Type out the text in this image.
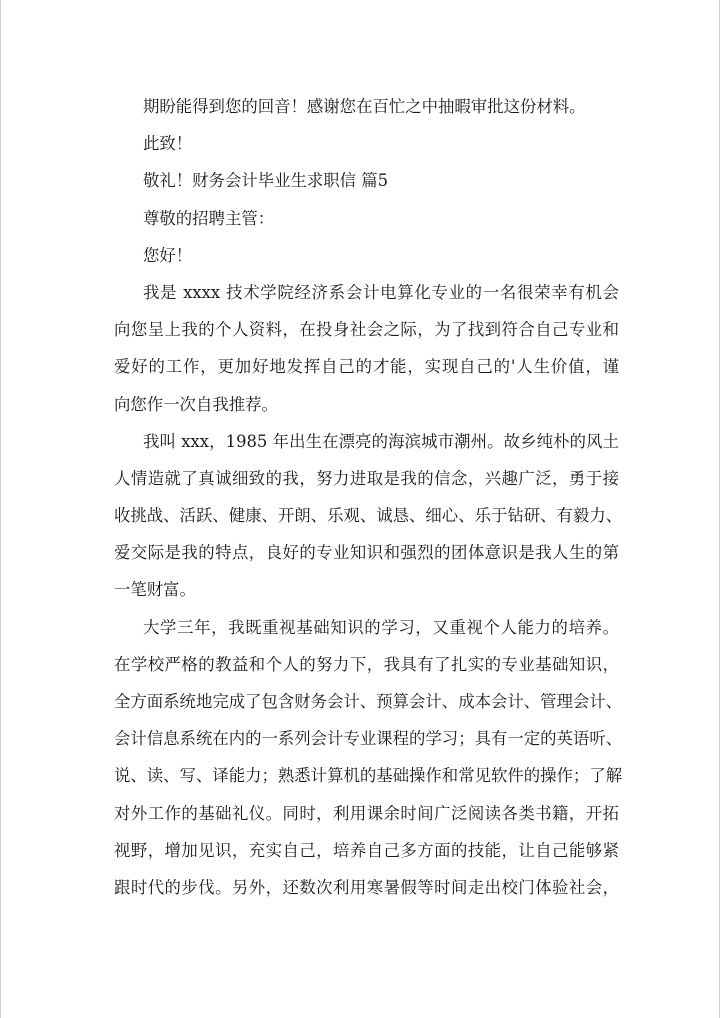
期盼能得到您的回音！感谢您在百忙之中抽暇审批这份材料。
此致！
敬礼！财务会计毕业生求职信 篇5
尊敬的招聘主管：
您好！
我是 xxxx 技术学院经济系会计电算化专业的一名很荣幸有机会
向您呈上我的个人资料，在投身社会之际，为了找到符合自己专业和
爱好的工作，更加好地发挥自己的才能，实现自己的'人生价值，谨
向您作一次自我推荐。
我叫 xxx，1985 年出生在漂亮的海滨城市潮州。故乡纯朴的风土
人情造就了真诚细致的我，努力进取是我的信念，兴趣广泛，勇于接
收挑战、活跃、健康、开朗、乐观、诚恳、细心、乐于钻研、有毅力、
爱交际是我的特点，良好的专业知识和强烈的团体意识是我人生的第
一笔财富。
大学三年，我既重视基础知识的学习，又重视个人能力的培养。
在学校严格的教益和个人的努力下，我具有了扎实的专业基础知识，
全方面系统地完成了包含财务会计、预算会计、成本会计、管理会计、
会计信息系统在内的一系列会计专业课程的学习；具有一定的英语听、
说、读、写、译能力；熟悉计算机的基础操作和常见软件的操作；了解
对外工作的基础礼仪。同时，利用课余时间广泛阅读各类书籍，开拓
视野，增加见识，充实自己，培养自己多方面的技能，让自己能够紧
跟时代的步伐。另外，还数次利用寒暑假等时间走出校门体验社会，
